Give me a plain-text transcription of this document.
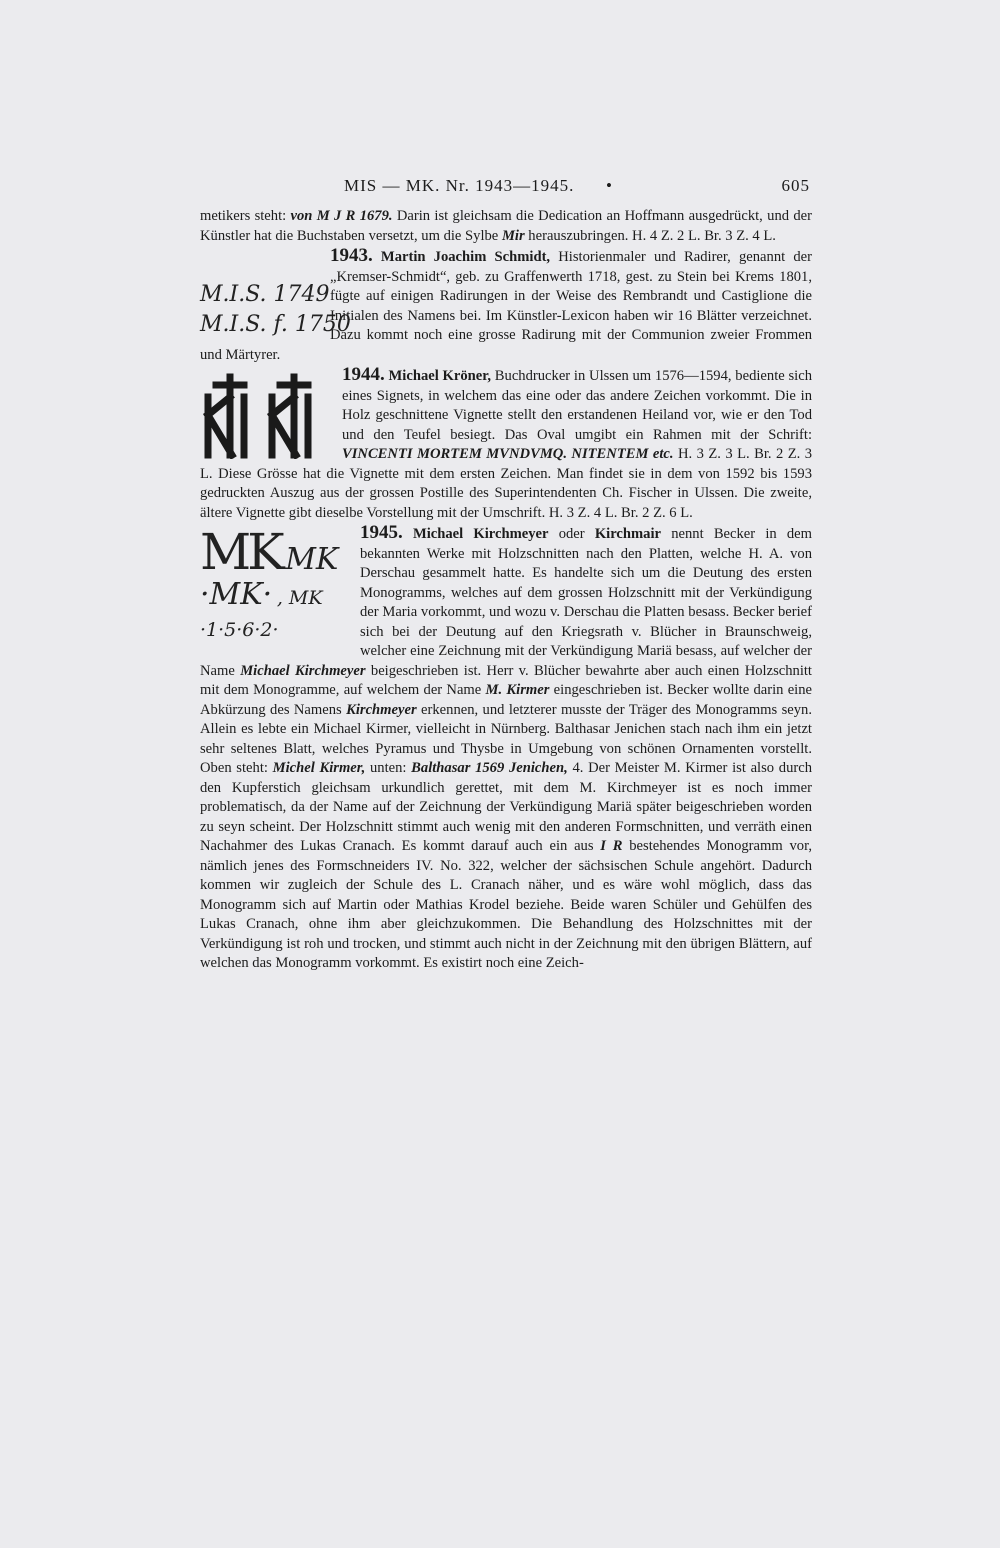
MIS — MK. Nr. 1943—1945. •	605

metikers steht: von M J R 1679. Darin ist gleichsam die Dedication an Hoffmann ausgedrückt, und der Künstler hat die Buchstaben versetzt, um die Sylbe Mir herauszubringen. H. 4 Z. 2 L. Br. 3 Z. 4 L.

1943. Martin Joachim Schmidt,
M.I.S. 1749
M.I.S. f. 1750
Historienmaler und Radirer, genannt der „Kremser-Schmidt“, geb. zu Graffenwerth 1718, gest. zu Stein bei Krems 1801, fügte auf einigen Radirungen in der Weise des Rembrandt und Castiglione die Initialen des Namens bei. Im Künstler-Lexicon haben wir 16 Blätter verzeichnet. Dazu kommt noch eine grosse Radirung mit der Communion zweier Frommen und Märtyrer.

1944. Michael Kröner,
Buchdrucker in Ulssen um 1576—1594, bediente sich eines Signets, in welchem das eine oder das andere Zeichen vorkommt. Die in Holz geschnittene Vignette stellt den erstandenen Heiland vor, wie er den Tod und den Teufel besiegt. Das Oval umgibt ein Rahmen mit der Schrift: VINCENTI MORTEM MVNDVMQ. NITENTEM etc. H. 3 Z. 3 L. Br. 2 Z. 3 L. Diese Grösse hat die Vignette mit dem ersten Zeichen. Man findet sie in dem von 1592 bis 1593 gedruckten Auszug aus der grossen Postille des Superintendenten Ch. Fischer in Ulssen. Die zweite, ältere Vignette gibt dieselbe Vorstellung mit der Umschrift. H. 3 Z. 4 L. Br. 2 Z. 6 L.

1945. Michael Kirchmeyer
MK MK
·MK· , MK
·1·5·6·2·
oder Kirchmair nennt Becker in dem bekannten Werke mit Holzschnitten nach den Platten, welche H. A. von Derschau gesammelt hatte. Es handelte sich um die Deutung des ersten Monogramms, welches auf dem grossen Holzschnitt mit der Verkündigung der Maria vorkommt, und wozu v. Derschau die Platten besass. Becker berief sich bei der Deutung auf den Kriegsrath v. Blücher in Braunschweig, welcher eine Zeichnung mit der Verkündigung Mariä besass, auf welcher der Name Michael Kirchmeyer beigeschrieben ist. Herr v. Blücher bewahrte aber auch einen Holzschnitt mit dem Monogramme, auf welchem der Name M. Kirmer eingeschrieben ist. Becker wollte darin eine Abkürzung des Namens Kirchmeyer erkennen, und letzterer musste der Träger des Monogramms seyn. Allein es lebte ein Michael Kirmer, vielleicht in Nürnberg. Balthasar Jenichen stach nach ihm ein jetzt sehr seltenes Blatt, welches Pyramus und Thysbe in Umgebung von schönen Ornamenten vorstellt. Oben steht: Michel Kirmer, unten: Balthasar 1569 Jenichen, 4. Der Meister M. Kirmer ist also durch den Kupferstich gleichsam urkundlich gerettet, mit dem M. Kirchmeyer ist es noch immer problematisch, da der Name auf der Zeichnung der Verkündigung Mariä später beigeschrieben worden zu seyn scheint. Der Holzschnitt stimmt auch wenig mit den anderen Formschnitten, und verräth einen Nachahmer des Lukas Cranach. Es kommt darauf auch ein aus I R bestehendes Monogramm vor, nämlich jenes des Formschneiders IV. No. 322, welcher der sächsischen Schule angehört. Dadurch kommen wir zugleich der Schule des L. Cranach näher, und es wäre wohl möglich, dass das Monogramm sich auf Martin oder Mathias Krodel beziehe. Beide waren Schüler und Gehülfen des Lukas Cranach, ohne ihm aber gleichzukommen. Die Behandlung des Holzschnittes mit der Verkündigung ist roh und trocken, und stimmt auch nicht in der Zeichnung mit den übrigen Blättern, auf welchen das Monogramm vorkommt. Es existirt noch eine Zeich-
